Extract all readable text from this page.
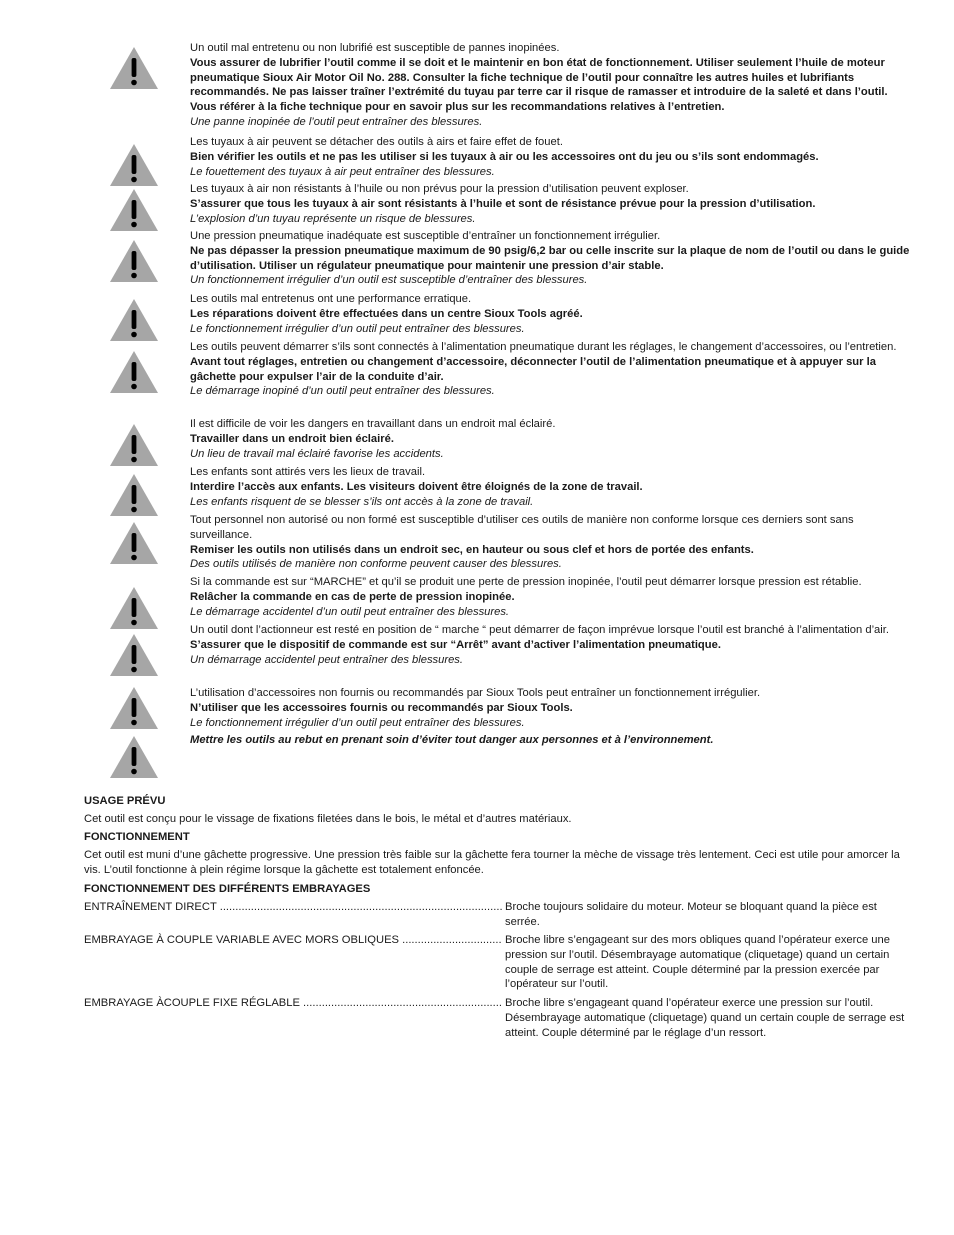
Un outil mal entretenu ou non lubrifié est susceptible de pannes inopinées.

Vous assurer de lubrifier l’outil comme il se doit et le maintenir en bon état de fonctionnement. Utiliser seulement l’huile de moteur pneumatique Sioux Air Motor Oil No. 288. Consulter la fiche technique de l’outil pour connaître les autres huiles et lubrifiants recommandés. Ne pas laisser traîner l’extrémité du tuyau par terre car il risque de ramasser et introduire de la saleté et dans l’outil. Vous référer à la fiche technique pour en savoir plus sur les recommandations relatives à l’entretien.

Une panne inopinée de l’outil peut entraîner des blessures.

Les tuyaux à air peuvent se détacher des outils à airs et faire effet de fouet.

Bien vérifier les outils et ne pas les utiliser si les tuyaux à air ou les accessoires ont du jeu ou s’ils sont endommagés.

Le fouettement des tuyaux à air peut entraîner des blessures.

Les tuyaux à air non résistants à l’huile ou non prévus pour la pression d’utilisation peuvent exploser.

S’assurer que tous les tuyaux à air sont résistants à l’huile et sont de résistance prévue pour la pression d’utilisation.

L’explosion d’un tuyau représente un risque de blessures.

Une pression pneumatique inadéquate est susceptible d’entraîner un fonctionnement irrégulier.

Ne pas dépasser la pression pneumatique maximum de 90 psig/6,2 bar ou celle inscrite sur la plaque de nom de l’outil ou dans le guide d’utilisation. Utiliser un régulateur pneumatique pour maintenir une pression d’air stable.

Un fonctionnement irrégulier d’un outil est susceptible d’entraîner des blessures.

Les outils mal entretenus ont une performance erratique.

Les réparations doivent être effectuées dans un centre Sioux Tools agréé.

Le fonctionnement irrégulier d’un outil peut entraîner des blessures.

Les outils peuvent démarrer s’ils sont connectés à l’alimentation pneumatique durant les réglages, le changement d’accessoires, ou l’entretien.

Avant tout réglages, entretien ou changement d’accessoire, déconnecter l’outil de l’alimentation pneumatique et à appuyer sur la gâchette pour expulser l’air de la conduite d’air.

Le démarrage inopiné d’un outil peut entraîner des blessures.

Il est difficile de voir les dangers en travaillant dans un endroit mal éclairé.

Travailler dans un endroit bien éclairé.

Un lieu de travail mal éclairé favorise les accidents.

Les enfants sont attirés vers les lieux de travail.

Interdire l’accès aux enfants. Les visiteurs doivent être éloignés de la zone de travail.

Les enfants risquent de se blesser s’ils ont accès à la zone de travail.

Tout personnel non autorisé ou non formé est susceptible d’utiliser ces outils de manière non conforme lorsque ces derniers sont sans surveillance.

Remiser les outils non utilisés dans un endroit sec, en hauteur ou sous clef et hors de portée des enfants.

Des outils utilisés de manière non conforme peuvent causer des blessures.

Si la commande est sur “MARCHE” et qu’il se produit une perte de pression inopinée, l’outil peut démarrer lorsque pression est rétablie.

Relâcher la commande en cas de perte de pression inopinée.

Le démarrage accidentel d’un outil peut entraîner des blessures.

Un outil dont l’actionneur est resté en position de “ marche “ peut démarrer de façon imprévue lorsque l’outil est branché à l’alimentation d’air.

S’assurer que le dispositif de commande est sur “Arrêt” avant d’activer l’alimentation pneumatique.

Un démarrage accidentel peut entraîner des blessures.

L’utilisation d’accessoires non fournis ou recommandés par Sioux Tools peut entraîner un fonctionnement irrégulier.

N’utiliser que les accessoires fournis ou recommandés par Sioux Tools.

Le fonctionnement irrégulier d’un outil peut entraîner des blessures.

Mettre les outils au rebut en prenant soin d’éviter tout danger aux personnes et à l’environnement.

USAGE PRÉVU

Cet outil est conçu pour le vissage de fixations filetées dans le bois, le métal et d’autres matériaux.

FONCTIONNEMENT

Cet outil est muni d’une gâchette progressive. Une pression très faible sur la gâchette fera tourner la mèche de vissage très lentement. Ceci est utile pour amorcer la vis. L’outil fonctionne à plein régime lorsque la gâchette est totalement enfoncée.

FONCTIONNEMENT DES DIFFÉRENTS EMBRAYAGES

ENTRAÎNEMENT DIRECT .....	Broche toujours solidaire du moteur. Moteur se bloquant quand la pièce est serrée.
EMBRAYAGE À COUPLE VARIABLE AVEC MORS OBLIQUES .....	Broche libre s’engageant sur des mors obliques quand l’opérateur exerce une pression sur l’outil. Désembrayage automatique (cliquetage) quand un certain couple de serrage est atteint. Couple déterminé par la pression exercée par l’opérateur sur l’outil.
EMBRAYAGE ÀCOUPLE FIXE RÉGLABLE .....	Broche libre s’engageant quand l’opérateur exerce une pression sur l’outil. Désembrayage automatique (cliquetage) quand un certain couple de serrage est atteint. Couple déterminé par le réglage d’un ressort.
